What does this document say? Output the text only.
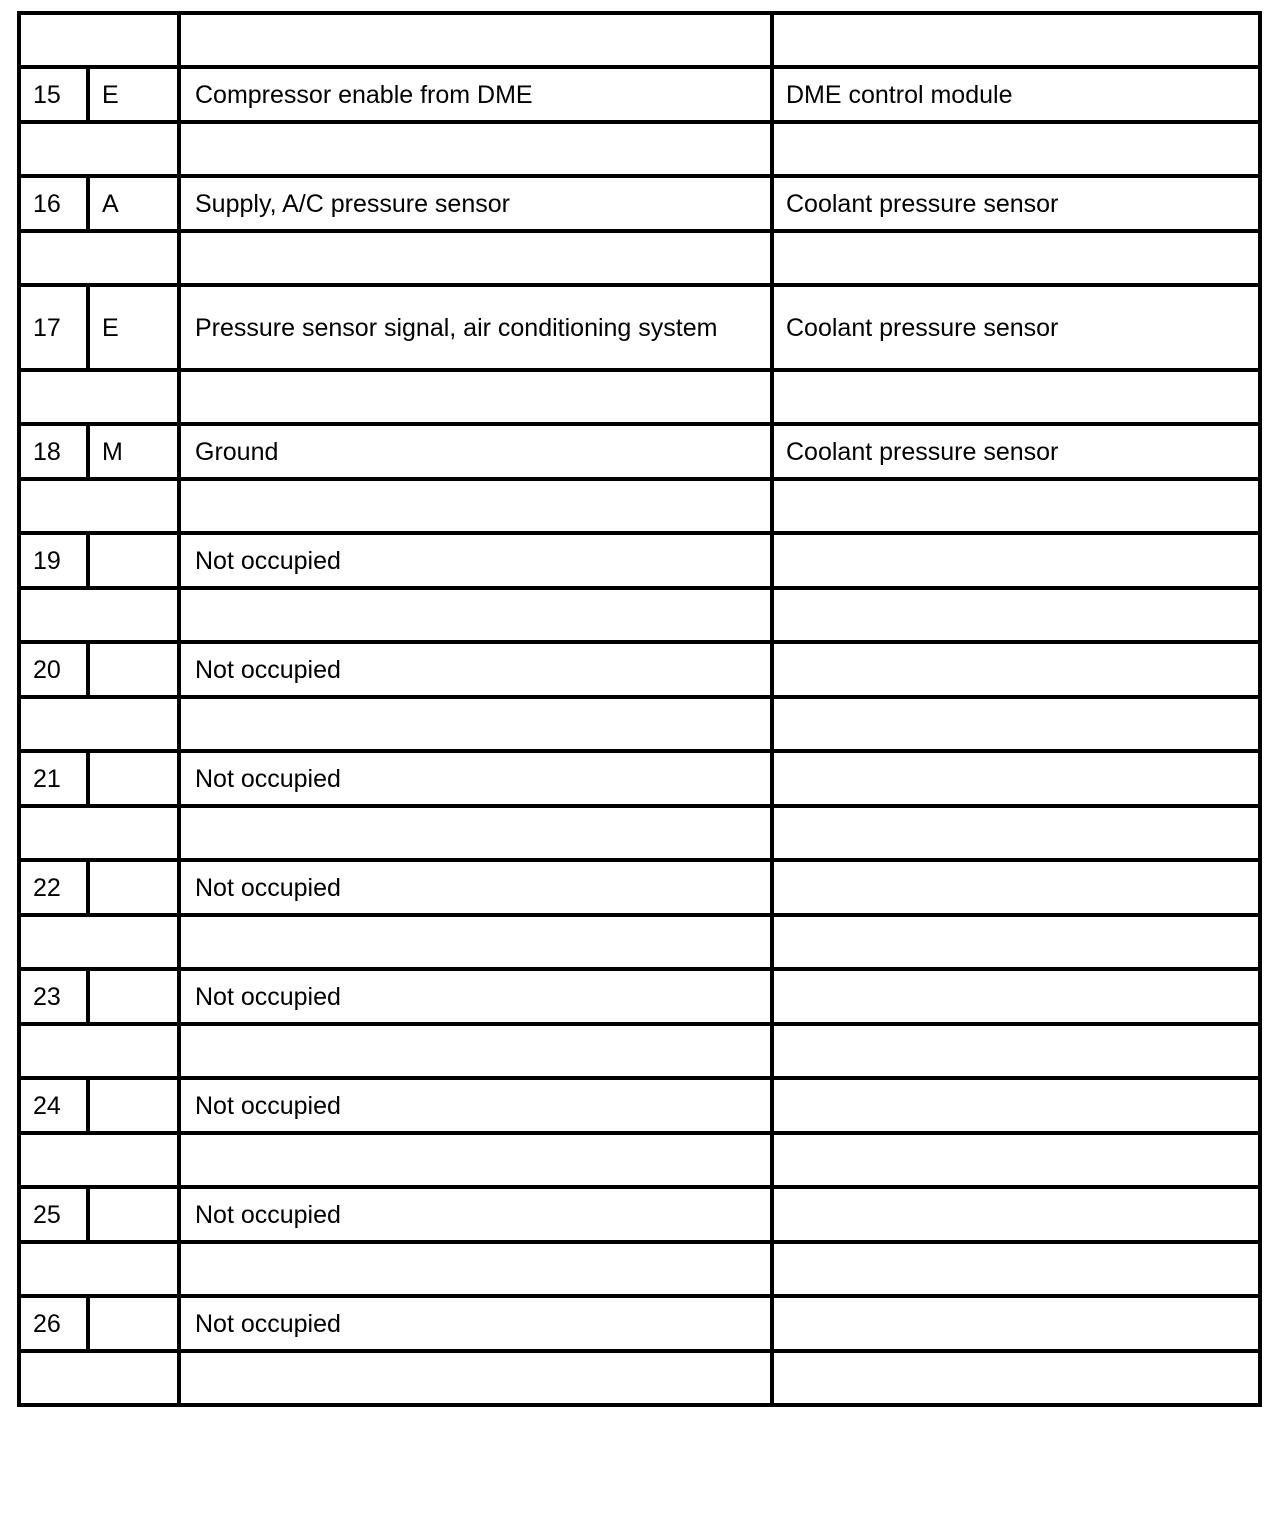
15	E	Compressor enable from DME	DME control module

16	A	Supply, A/C pressure sensor	Coolant pressure sensor

17	E	Pressure sensor signal, air conditioning system	Coolant pressure sensor

18	M	Ground	Coolant pressure sensor

19		Not occupied	

20		Not occupied	

21		Not occupied	

22		Not occupied	

23		Not occupied	

24		Not occupied	

25		Not occupied	

26		Not occupied	
